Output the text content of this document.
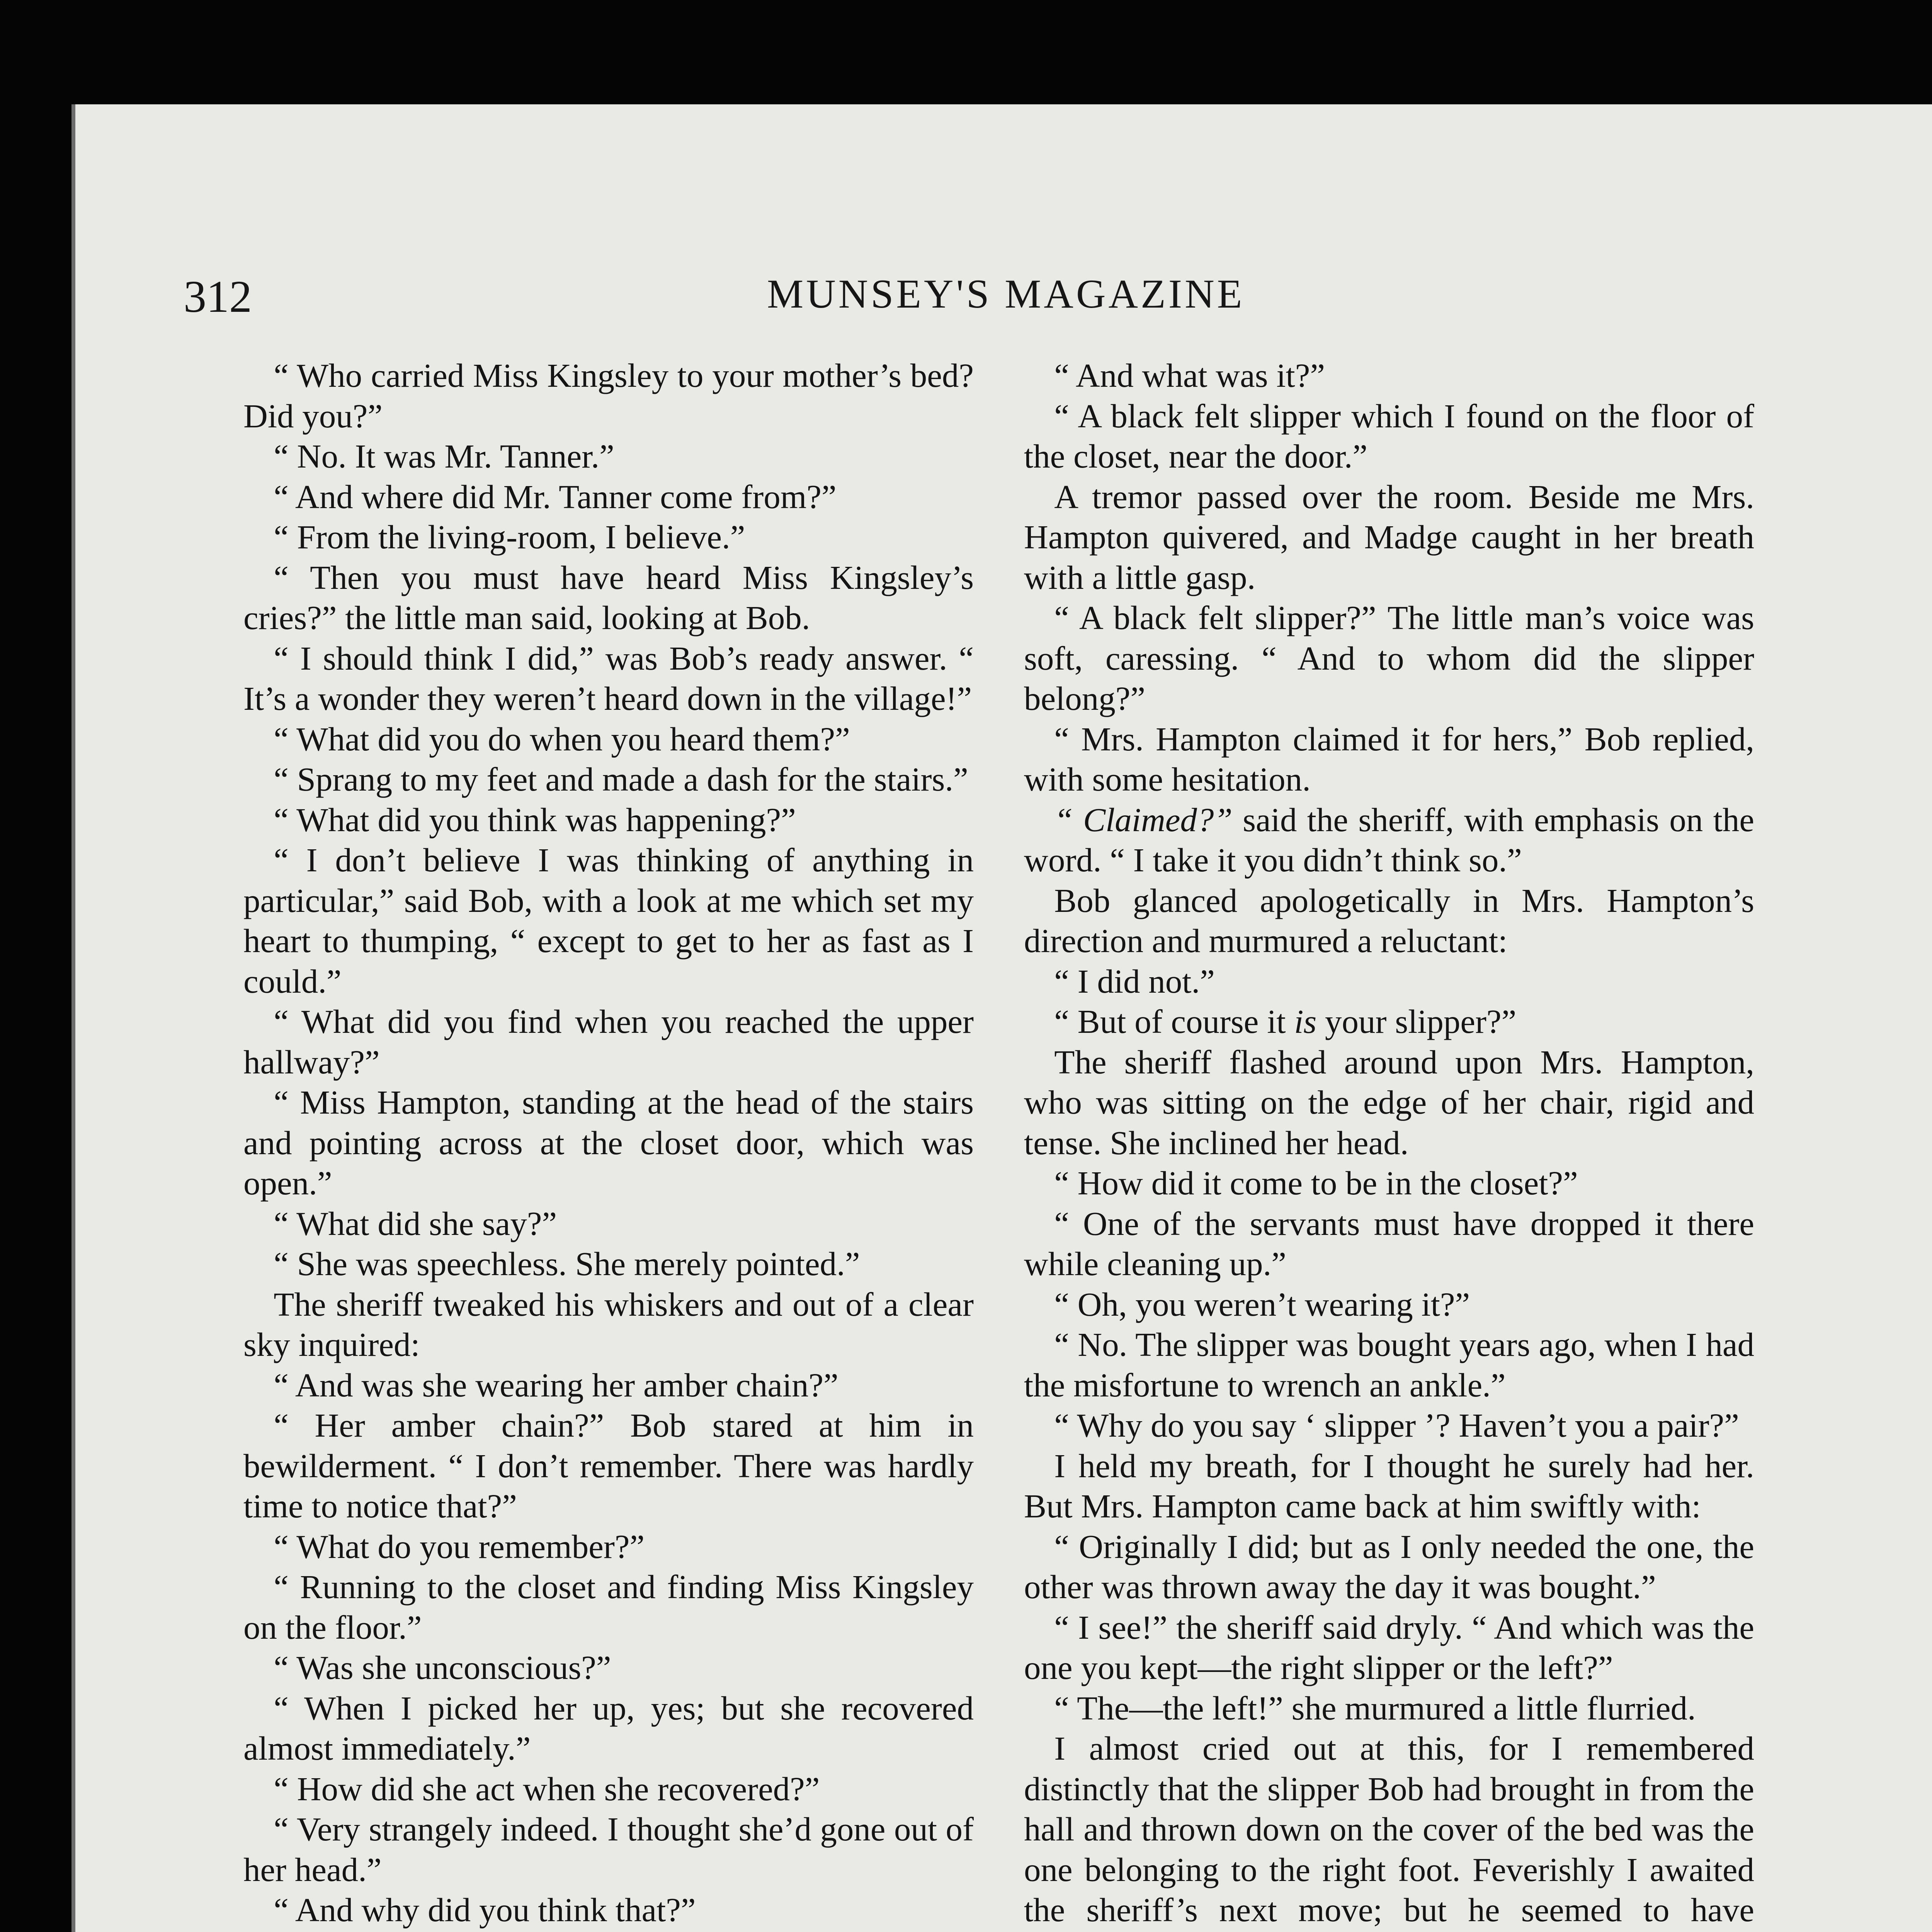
312	MUNSEY'S MAGAZINE

“ Who carried Miss Kingsley to your mother’s bed? Did you?”

“ No. It was Mr. Tanner.”

“ And where did Mr. Tanner come from?”

“ From the living-room, I believe.”

“ Then you must have heard Miss Kingsley’s cries?” the little man said, looking at Bob.

“ I should think I did,” was Bob’s ready answer. “ It’s a wonder they weren’t heard down in the village!”

“ What did you do when you heard them?”

“ Sprang to my feet and made a dash for the stairs.”

“ What did you think was happening?”

“ I don’t believe I was thinking of anything in particular,” said Bob, with a look at me which set my heart to thumping, “ except to get to her as fast as I could.”

“ What did you find when you reached the upper hallway?”

“ Miss Hampton, standing at the head of the stairs and pointing across at the closet door, which was open.”

“ What did she say?”

“ She was speechless. She merely pointed.”

The sheriff tweaked his whiskers and out of a clear sky inquired:

“ And was she wearing her amber chain?”

“ Her amber chain?” Bob stared at him in bewilderment. “ I don’t remember. There was hardly time to notice that?”

“ What do you remember?”

“ Running to the closet and finding Miss Kingsley on the floor.”

“ Was she unconscious?”

“ When I picked her up, yes; but she recovered almost immediately.”

“ How did she act when she recovered?”

“ Very strangely indeed. I thought she’d gone out of her head.”

“ And why did you think that?”

“ And what was it?”

“ A black felt slipper which I found on the floor of the closet, near the door.”

A tremor passed over the room. Beside me Mrs. Hampton quivered, and Madge caught in her breath with a little gasp.

“ A black felt slipper?” The little man’s voice was soft, caressing. “ And to whom did the slipper belong?”

“ Mrs. Hampton claimed it for hers,” Bob replied, with some hesitation.

“ Claimed?” said the sheriff, with emphasis on the word. “ I take it you didn’t think so.”

Bob glanced apologetically in Mrs. Hampton’s direction and murmured a reluctant:

“ I did not.”

“ But of course it is your slipper?”

The sheriff flashed around upon Mrs. Hampton, who was sitting on the edge of her chair, rigid and tense. She inclined her head.

“ How did it come to be in the closet?”

“ One of the servants must have dropped it there while cleaning up.”

“ Oh, you weren’t wearing it?”

“ No. The slipper was bought years ago, when I had the misfortune to wrench an ankle.”

“ Why do you say ‘ slipper ’? Haven’t you a pair?”

I held my breath, for I thought he surely had her. But Mrs. Hampton came back at him swiftly with:

“ Originally I did; but as I only needed the one, the other was thrown away the day it was bought.”

“ I see!” the sheriff said dryly. “ And which was the one you kept—the right slipper or the left?”

“ The—the left!” she murmured a little flurried.

I almost cried out at this, for I remembered distinctly that the slipper Bob had brought in from the hall and thrown down on the cover of the bed was the one belonging to the right foot. Feverishly I awaited the sheriff’s next move; but he seemed to have
